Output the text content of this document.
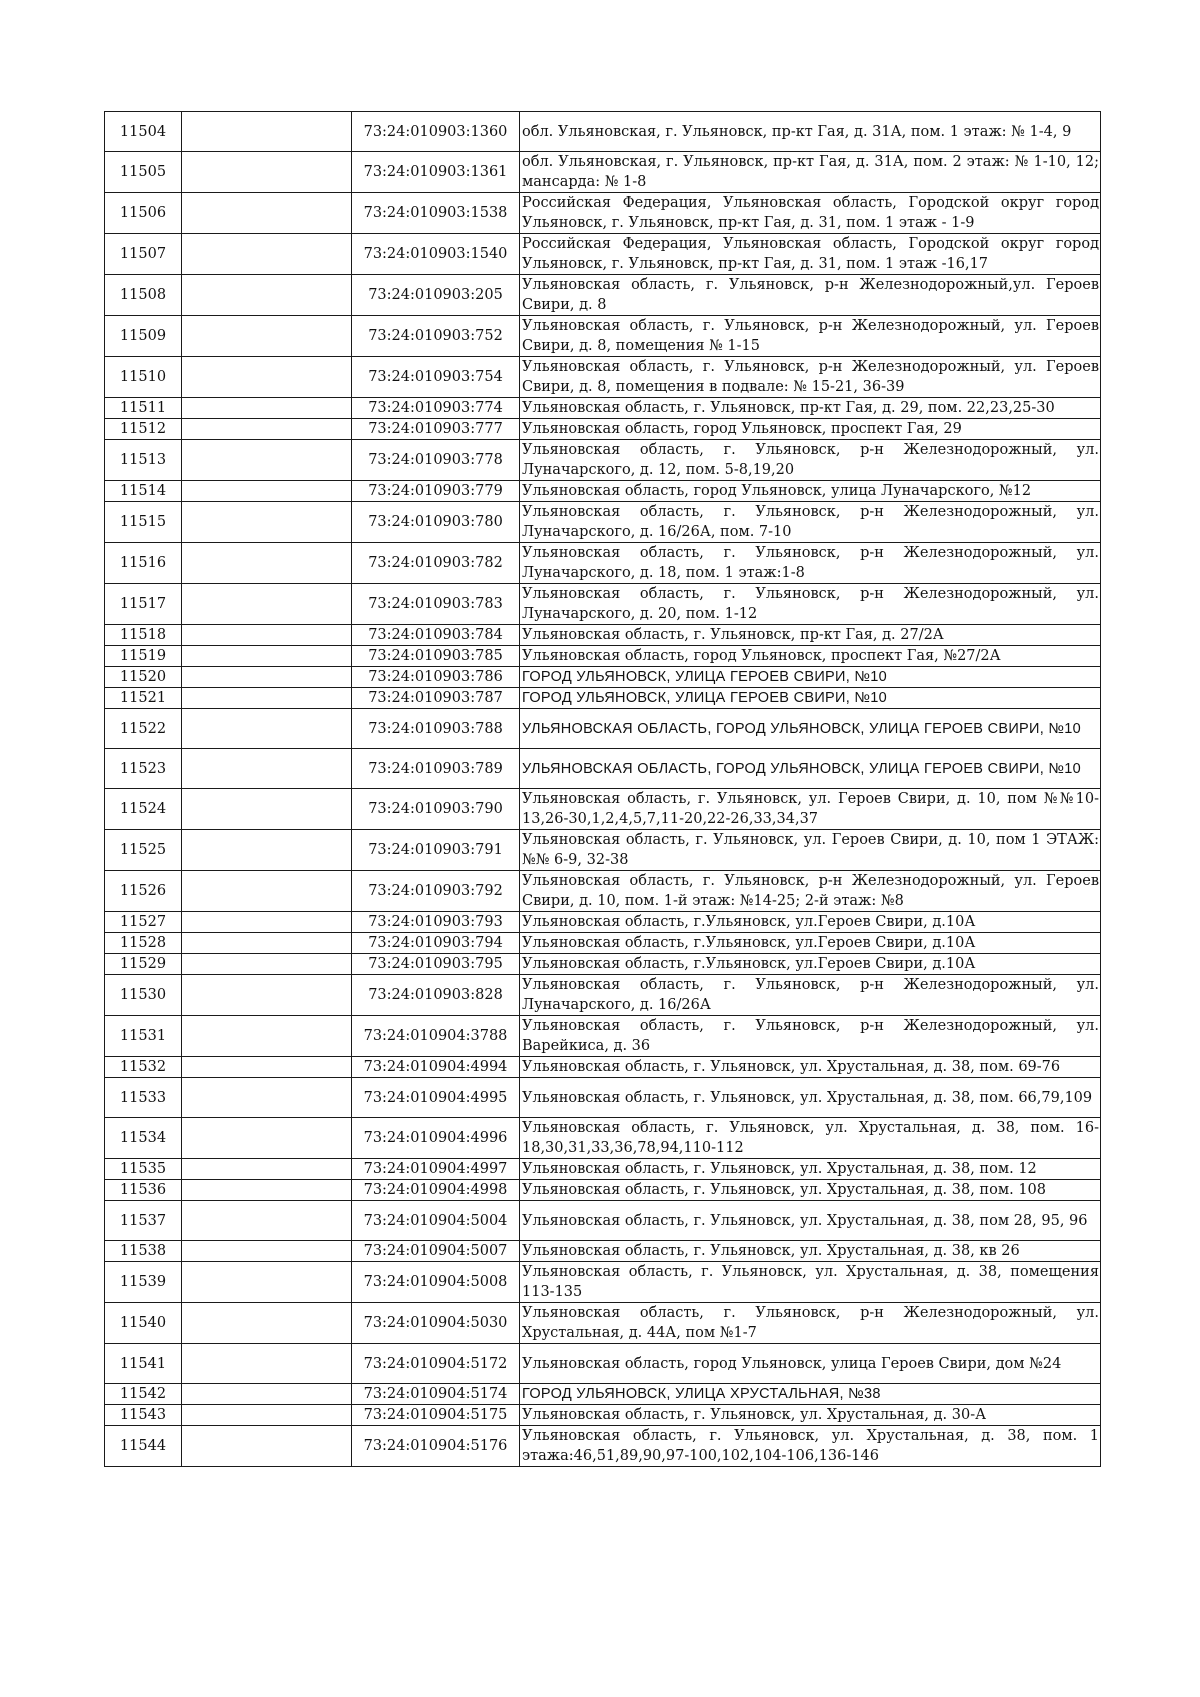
11504		73:24:010903:1360	обл. Ульяновская, г. Ульяновск, пр-кт Гая, д. 31А, пом. 1 этаж: № 1-4, 9
11505		73:24:010903:1361	обл. Ульяновская, г. Ульяновск, пр-кт Гая, д. 31А, пом. 2 этаж: № 1-10, 12; мансарда: № 1-8
11506		73:24:010903:1538	Российская Федерация, Ульяновская область, Городской округ город Ульяновск, г. Ульяновск, пр-кт Гая, д. 31, пом. 1 этаж - 1-9
11507		73:24:010903:1540	Российская Федерация, Ульяновская область, Городской округ город Ульяновск, г. Ульяновск, пр-кт Гая, д. 31, пом. 1 этаж -16,17
11508		73:24:010903:205	Ульяновская область, г. Ульяновск, р-н Железнодорожный,ул. Героев Свири, д. 8
11509		73:24:010903:752	Ульяновская область, г. Ульяновск, р-н Железнодорожный, ул. Героев Свири, д. 8, помещения № 1-15
11510		73:24:010903:754	Ульяновская область, г. Ульяновск, р-н Железнодорожный, ул. Героев Свири, д. 8, помещения в подвале: № 15-21, 36-39
11511		73:24:010903:774	Ульяновская область, г. Ульяновск, пр-кт Гая, д. 29, пом. 22,23,25-30
11512		73:24:010903:777	Ульяновская область, город Ульяновск, проспект Гая, 29
11513		73:24:010903:778	Ульяновская область, г. Ульяновск, р-н Железнодорожный, ул. Луначарского, д. 12, пом. 5-8,19,20
11514		73:24:010903:779	Ульяновская область, город Ульяновск, улица Луначарского, №12
11515		73:24:010903:780	Ульяновская область, г. Ульяновск, р-н Железнодорожный, ул. Луначарского, д. 16/26А, пом. 7-10
11516		73:24:010903:782	Ульяновская область, г. Ульяновск, р-н Железнодорожный, ул. Луначарского, д. 18, пом. 1 этаж:1-8
11517		73:24:010903:783	Ульяновская область, г. Ульяновск, р-н Железнодорожный, ул. Луначарского, д. 20, пом. 1-12
11518		73:24:010903:784	Ульяновская область, г. Ульяновск, пр-кт Гая, д. 27/2А
11519		73:24:010903:785	Ульяновская область, город Ульяновск, проспект Гая, №27/2А
11520		73:24:010903:786	ГОРОД УЛЬЯНОВСК, УЛИЦА ГЕРОЕВ СВИРИ, №10
11521		73:24:010903:787	ГОРОД УЛЬЯНОВСК, УЛИЦА ГЕРОЕВ СВИРИ, №10
11522		73:24:010903:788	УЛЬЯНОВСКАЯ ОБЛАСТЬ, ГОРОД УЛЬЯНОВСК, УЛИЦА ГЕРОЕВ СВИРИ, №10
11523		73:24:010903:789	УЛЬЯНОВСКАЯ ОБЛАСТЬ, ГОРОД УЛЬЯНОВСК, УЛИЦА ГЕРОЕВ СВИРИ, №10
11524		73:24:010903:790	Ульяновская область, г. Ульяновск, ул. Героев Свири, д. 10, пом №№10-13,26-30,1,2,4,5,7,11-20,22-26,33,34,37
11525		73:24:010903:791	Ульяновская область, г. Ульяновск, ул. Героев Свири, д. 10, пом 1 ЭТАЖ: №№ 6-9, 32-38
11526		73:24:010903:792	Ульяновская область, г. Ульяновск, р-н Железнодорожный, ул. Героев Свири, д. 10, пом. 1-й этаж: №14-25; 2-й этаж: №8
11527		73:24:010903:793	Ульяновская область, г.Ульяновск, ул.Героев Свири, д.10А
11528		73:24:010903:794	Ульяновская область, г.Ульяновск, ул.Героев Свири, д.10А
11529		73:24:010903:795	Ульяновская область, г.Ульяновск, ул.Героев Свири, д.10А
11530		73:24:010903:828	Ульяновская область, г. Ульяновск, р-н Железнодорожный, ул. Луначарского, д. 16/26А
11531		73:24:010904:3788	Ульяновская область, г. Ульяновск, р-н Железнодорожный, ул. Варейкиса, д. 36
11532		73:24:010904:4994	Ульяновская область, г. Ульяновск, ул. Хрустальная, д. 38, пом. 69-76
11533		73:24:010904:4995	Ульяновская область, г. Ульяновск, ул. Хрустальная, д. 38, пом. 66,79,109
11534		73:24:010904:4996	Ульяновская область, г. Ульяновск, ул. Хрустальная, д. 38, пом. 16-18,30,31,33,36,78,94,110-112
11535		73:24:010904:4997	Ульяновская область, г. Ульяновск, ул. Хрустальная, д. 38, пом. 12
11536		73:24:010904:4998	Ульяновская область, г. Ульяновск, ул. Хрустальная, д. 38, пом. 108
11537		73:24:010904:5004	Ульяновская область, г. Ульяновск, ул. Хрустальная, д. 38, пом 28, 95, 96
11538		73:24:010904:5007	Ульяновская область, г. Ульяновск, ул. Хрустальная, д. 38, кв 26
11539		73:24:010904:5008	Ульяновская область, г. Ульяновск, ул. Хрустальная, д. 38, помещения 113-135
11540		73:24:010904:5030	Ульяновская область, г. Ульяновск, р-н Железнодорожный, ул. Хрустальная, д. 44А, пом №1-7
11541		73:24:010904:5172	Ульяновская область, город Ульяновск, улица Героев Свири, дом №24
11542		73:24:010904:5174	ГОРОД УЛЬЯНОВСК, УЛИЦА ХРУСТАЛЬНАЯ, №38
11543		73:24:010904:5175	Ульяновская область, г. Ульяновск, ул. Хрустальная, д. 30-А
11544		73:24:010904:5176	Ульяновская область, г. Ульяновск, ул. Хрустальная, д. 38, пом. 1 этажа:46,51,89,90,97-100,102,104-106,136-146
